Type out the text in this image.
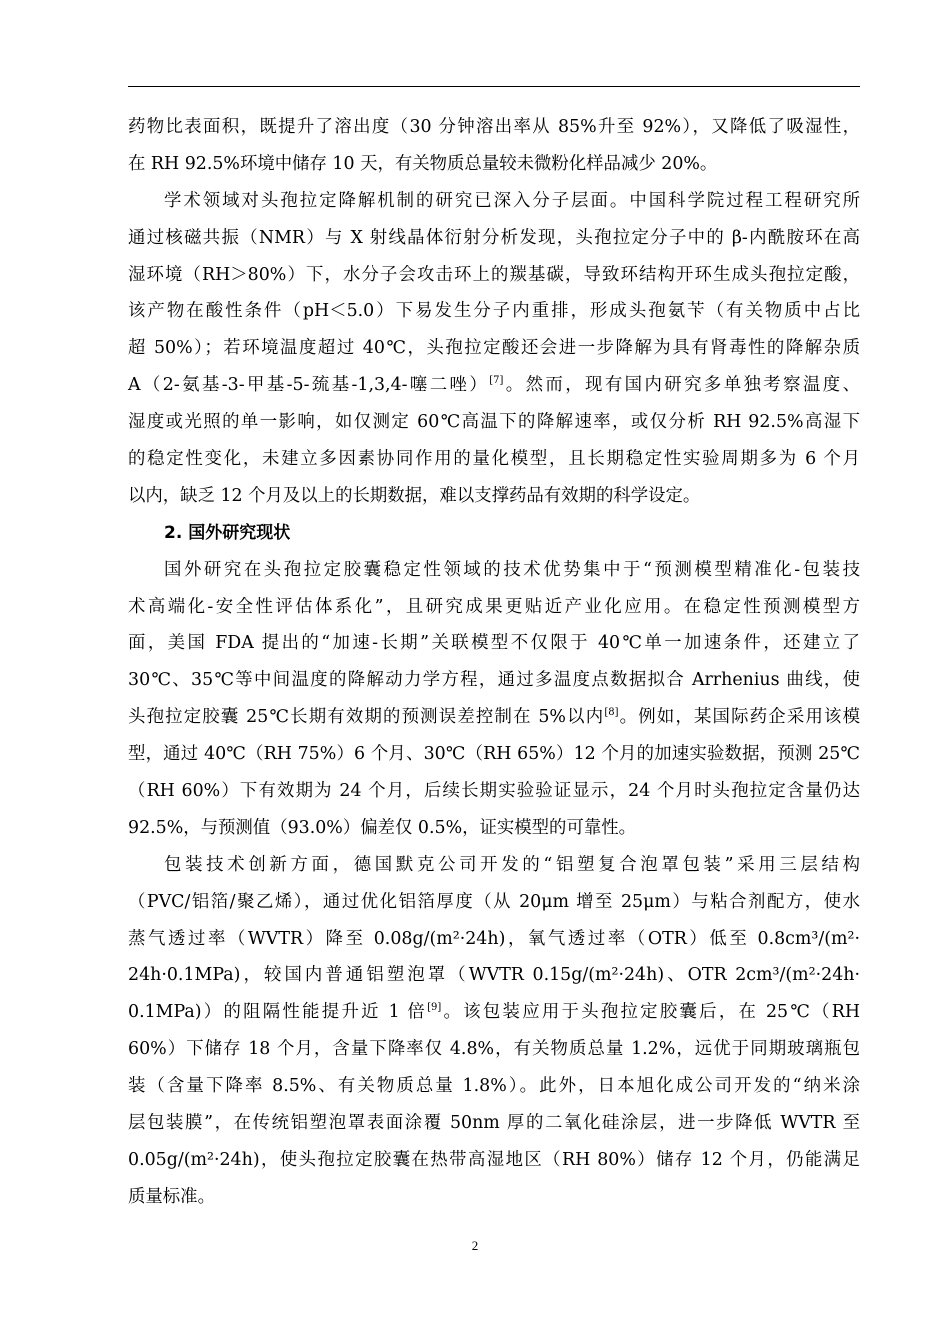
药物比表面积，既提升了溶出度（30 分钟溶出率从 85%升至 92%），又降低了吸湿性，
在 RH 92.5%环境中储存 10 天，有关物质总量较未微粉化样品减少 20%。
学术领域对头孢拉定降解机制的研究已深入分子层面。中国科学院过程工程研究所
通过核磁共振（NMR）与 X 射线晶体衍射分析发现，头孢拉定分子中的 β-内酰胺环在高
湿环境（RH＞80%）下，水分子会攻击环上的羰基碳，导致环结构开环生成头孢拉定酸，
该产物在酸性条件（pH＜5.0）下易发生分子内重排，形成头孢氨苄（有关物质中占比
超 50%）；若环境温度超过 40℃，头孢拉定酸还会进一步降解为具有肾毒性的降解杂质
A（2-氨基-3-甲基-5-巯基-1,3,4-噻二唑）[7]。然而，现有国内研究多单独考察温度、
湿度或光照的单一影响，如仅测定 60℃高温下的降解速率，或仅分析 RH 92.5%高湿下
的稳定性变化，未建立多因素协同作用的量化模型，且长期稳定性实验周期多为 6 个月
以内，缺乏 12 个月及以上的长期数据，难以支撑药品有效期的科学设定。
2. 国外研究现状
国外研究在头孢拉定胶囊稳定性领域的技术优势集中于“预测模型精准化-包装技
术高端化-安全性评估体系化”，且研究成果更贴近产业化应用。在稳定性预测模型方
面，美国 FDA 提出的“加速-长期”关联模型不仅限于 40℃单一加速条件，还建立了
30℃、35℃等中间温度的降解动力学方程，通过多温度点数据拟合 Arrhenius 曲线，使
头孢拉定胶囊 25℃长期有效期的预测误差控制在 5%以内[8]。例如，某国际药企采用该模
型，通过 40℃（RH 75%）6 个月、30℃（RH 65%）12 个月的加速实验数据，预测 25℃
（RH 60%）下有效期为 24 个月，后续长期实验验证显示，24 个月时头孢拉定含量仍达
92.5%，与预测值（93.0%）偏差仅 0.5%，证实模型的可靠性。
包装技术创新方面，德国默克公司开发的“铝塑复合泡罩包装”采用三层结构
（PVC/铝箔/聚乙烯），通过优化铝箔厚度（从 20μm 增至 25μm）与粘合剂配方，使水
蒸气透过率（WVTR）降至 0.08g/(m²·24h)，氧气透过率（OTR）低至 0.8cm³/(m²·
24h·0.1MPa)，较国内普通铝塑泡罩（WVTR 0.15g/(m²·24h)、OTR 2cm³/(m²·24h·
0.1MPa)）的阻隔性能提升近 1 倍[9]。该包装应用于头孢拉定胶囊后，在 25℃（RH
60%）下储存 18 个月，含量下降率仅 4.8%，有关物质总量 1.2%，远优于同期玻璃瓶包
装（含量下降率 8.5%、有关物质总量 1.8%）。此外，日本旭化成公司开发的“纳米涂
层包装膜”，在传统铝塑泡罩表面涂覆 50nm 厚的二氧化硅涂层，进一步降低 WVTR 至
0.05g/(m²·24h)，使头孢拉定胶囊在热带高湿地区（RH 80%）储存 12 个月，仍能满足
质量标准。
2
